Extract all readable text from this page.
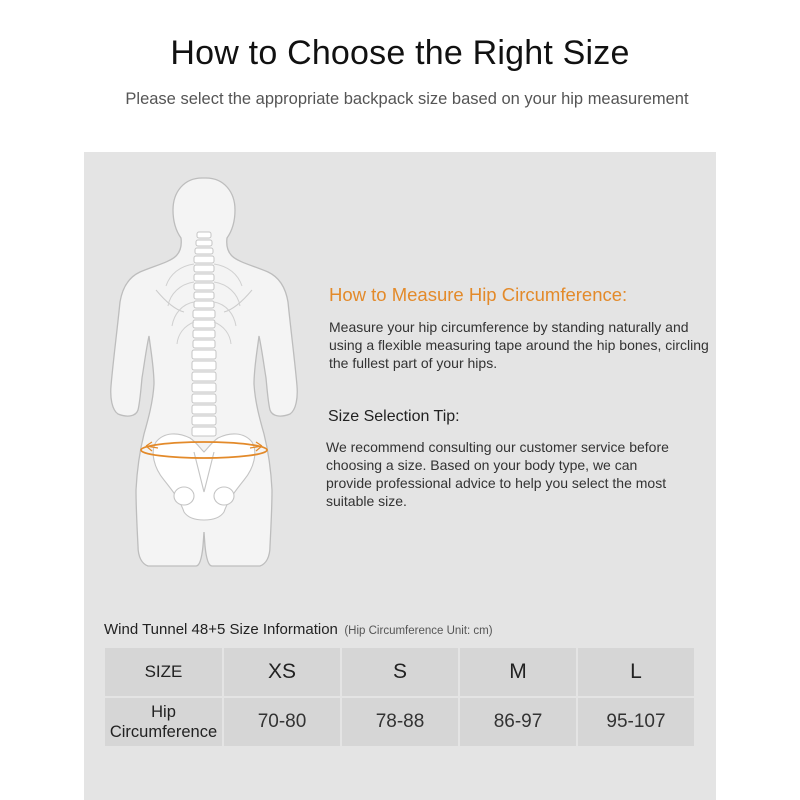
How to Choose the Right Size
Please select the appropriate backpack size based on your hip measurement
How to Measure Hip Circumference:
Measure your hip circumference by standing naturally and using a flexible measuring tape around the hip bones, circling the fullest part of your hips.
Size Selection Tip:
We recommend consulting our customer service before choosing a size. Based on your body type, we can provide professional advice to help you select the most suitable size.
Wind Tunnel 48+5 Size Information (Hip Circumference Unit: cm)
SIZE	XS	S	M	L
Hip
Circumference	70-80	78-88	86-97	95-107
